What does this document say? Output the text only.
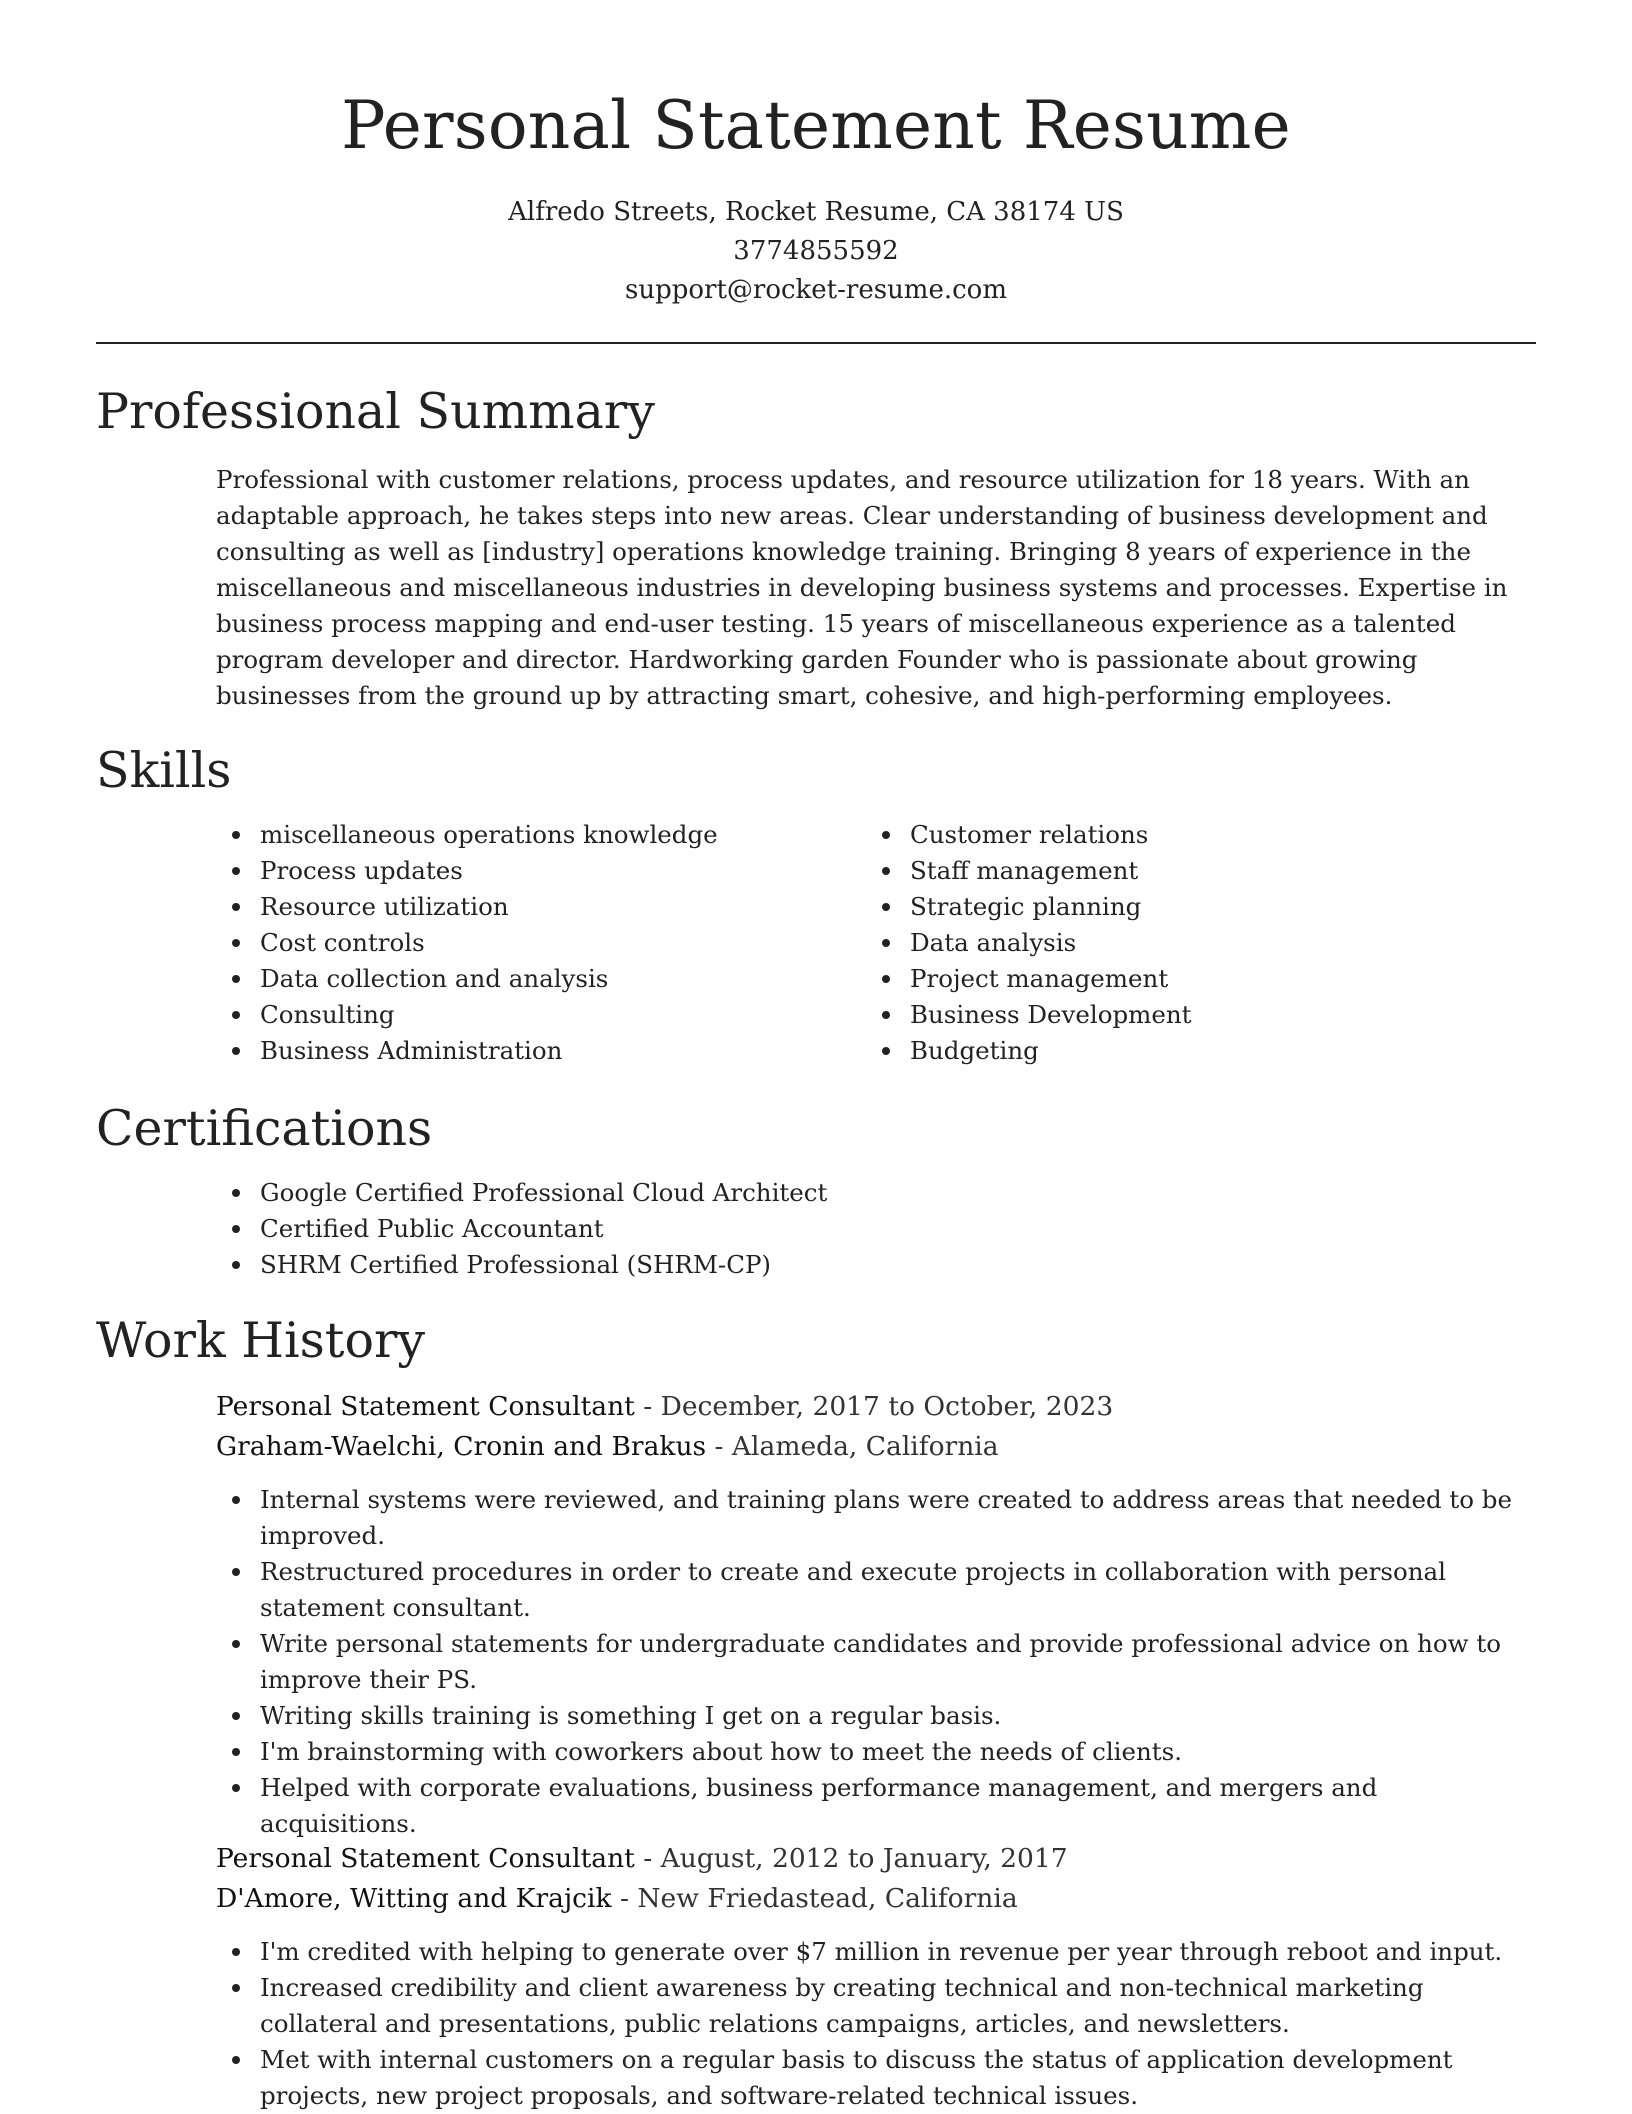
Personal Statement Resume
Alfredo Streets, Rocket Resume, CA 38174 US
3774855592
support@rocket-resume.com
Professional Summary

Professional with customer relations, process updates, and resource utilization for 18 years. With an adaptable approach, he takes steps into new areas. Clear understanding of business development and consulting as well as [industry] operations knowledge training. Bringing 8 years of experience in the miscellaneous and miscellaneous industries in developing business systems and processes. Expertise in business process mapping and end-user testing. 15 years of miscellaneous experience as a talented program developer and director. Hardworking garden Founder who is passionate about growing businesses from the ground up by attracting smart, cohesive, and high-performing employees.

Skills
miscellaneous operations knowledge
Process updates
Resource utilization
Cost controls
Data collection and analysis
Consulting
Business Administration
Customer relations
Staff management
Strategic planning
Data analysis
Project management
Business Development
Budgeting
Certifications
Google Certified Professional Cloud Architect
Certified Public Accountant
SHRM Certified Professional (SHRM-CP)
Work History
Personal Statement Consultant - December, 2017 to October, 2023
Graham-Waelchi, Cronin and Brakus - Alameda, California
Internal systems were reviewed, and training plans were created to address areas that needed to be improved.
Restructured procedures in order to create and execute projects in collaboration with personal statement consultant.
Write personal statements for undergraduate candidates and provide professional advice on how to improve their PS.
Writing skills training is something I get on a regular basis.
I'm brainstorming with coworkers about how to meet the needs of clients.
Helped with corporate evaluations, business performance management, and mergers and acquisitions.
Personal Statement Consultant - August, 2012 to January, 2017
D'Amore, Witting and Krajcik - New Friedastead, California
I'm credited with helping to generate over $7 million in revenue per year through reboot and input.
Increased credibility and client awareness by creating technical and non-technical marketing collateral and presentations, public relations campaigns, articles, and newsletters.
Met with internal customers on a regular basis to discuss the status of application development projects, new project proposals, and software-related technical issues.
